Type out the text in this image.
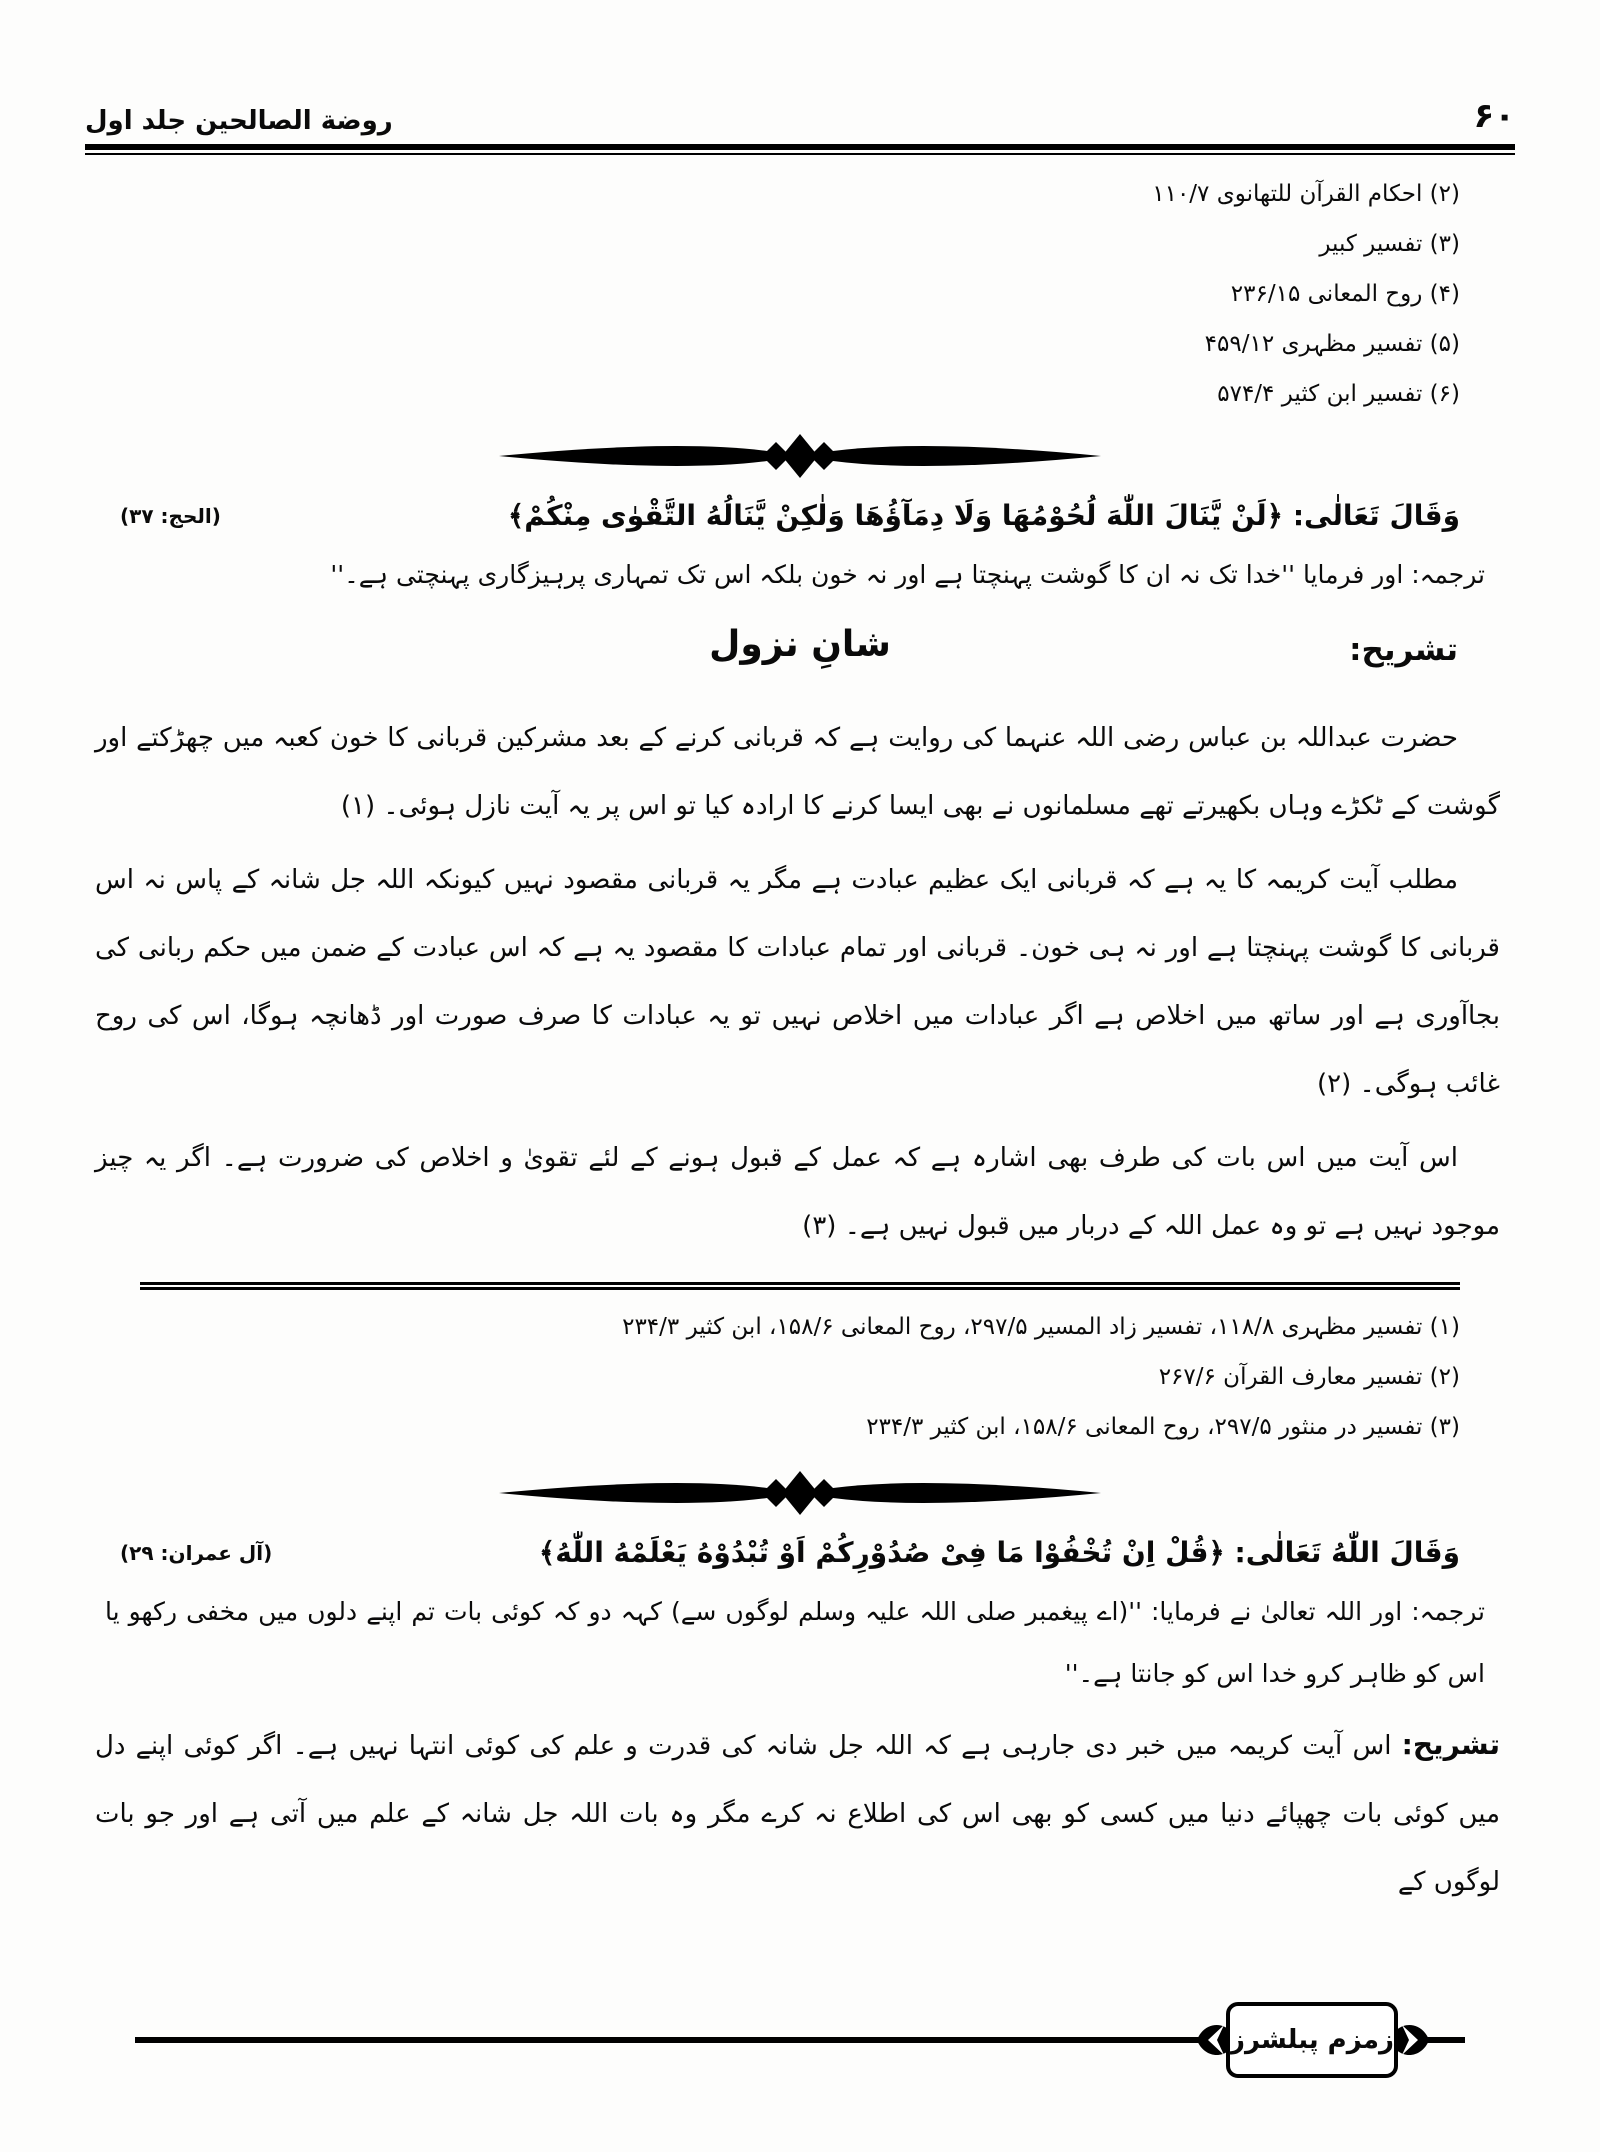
۶۰
روضة الصالحین جلد اول
(۲) احکام القرآن للتھانوی ۱۱۰/۷
(۳) تفسیر کبیر
(۴) روح المعانی ۲۳۶/۱۵
(۵) تفسیر مظہری ۴۵۹/۱۲
(۶) تفسیر ابن کثیر ۵۷۴/۴
وَقَالَ تَعَالٰی: ﴿لَنْ یَّنَالَ اللّٰهَ لُحُوْمُهَا وَلَا دِمَآؤُهَا وَلٰکِنْ یَّنَالُهُ التَّقْوٰی مِنْکُمْ﴾
(الحج: ۳۷)
ترجمہ: اور فرمایا ''خدا تک نہ ان کا گوشت پہنچتا ہے اور نہ خون بلکہ اس تک تمہاری پرہیزگاری پہنچتی ہے۔''
تشریح:
شانِ نزول

حضرت عبداللہ بن عباس رضی اللہ عنہما کی روایت ہے کہ قربانی کرنے کے بعد مشرکین قربانی کا خون کعبہ میں چھڑکتے اور گوشت کے ٹکڑے وہاں بکھیرتے تھے مسلمانوں نے بھی ایسا کرنے کا ارادہ کیا تو اس پر یہ آیت نازل ہوئی۔ (۱)

مطلب آیت کریمہ کا یہ ہے کہ قربانی ایک عظیم عبادت ہے مگر یہ قربانی مقصود نہیں کیونکہ اللہ جل شانہ کے پاس نہ اس قربانی کا گوشت پہنچتا ہے اور نہ ہی خون۔ قربانی اور تمام عبادات کا مقصود یہ ہے کہ اس عبادت کے ضمن میں حکم ربانی کی بجاآوری ہے اور ساتھ میں اخلاص ہے اگر عبادات میں اخلاص نہیں تو یہ عبادات کا صرف صورت اور ڈھانچہ ہوگا، اس کی روح غائب ہوگی۔ (۲)

اس آیت میں اس بات کی طرف بھی اشارہ ہے کہ عمل کے قبول ہونے کے لئے تقویٰ و اخلاص کی ضرورت ہے۔ اگر یہ چیز موجود نہیں ہے تو وہ عمل اللہ کے دربار میں قبول نہیں ہے۔ (۳)

(۱) تفسیر مظہری ۱۱۸/۸، تفسیر زاد المسیر ۲۹۷/۵، روح المعانی ۱۵۸/۶، ابن کثیر ۲۳۴/۳
(۲) تفسیر معارف القرآن ۲۶۷/۶
(۳) تفسیر در منثور ۲۹۷/۵، روح المعانی ۱۵۸/۶، ابن کثیر ۲۳۴/۳
وَقَالَ اللّٰهُ تَعَالٰی: ﴿قُلْ اِنْ تُخْفُوْا مَا فِیْ صُدُوْرِکُمْ اَوْ تُبْدُوْهُ یَعْلَمْهُ اللّٰهُ﴾
(آل عمران: ۲۹)
ترجمہ: اور اللہ تعالیٰ نے فرمایا: ''(اے پیغمبر صلی اللہ علیہ وسلم لوگوں سے) کہہ دو کہ کوئی بات تم اپنے دلوں میں مخفی رکھو یا اس کو ظاہر کرو خدا اس کو جانتا ہے۔''

تشریح: اس آیت کریمہ میں خبر دی جارہی ہے کہ اللہ جل شانہ کی قدرت و علم کی کوئی انتہا نہیں ہے۔ اگر کوئی اپنے دل میں کوئی بات چھپائے دنیا میں کسی کو بھی اس کی اطلاع نہ کرے مگر وہ بات اللہ جل شانہ کے علم میں آتی ہے اور جو بات لوگوں کے

زمزم پبلشرز
